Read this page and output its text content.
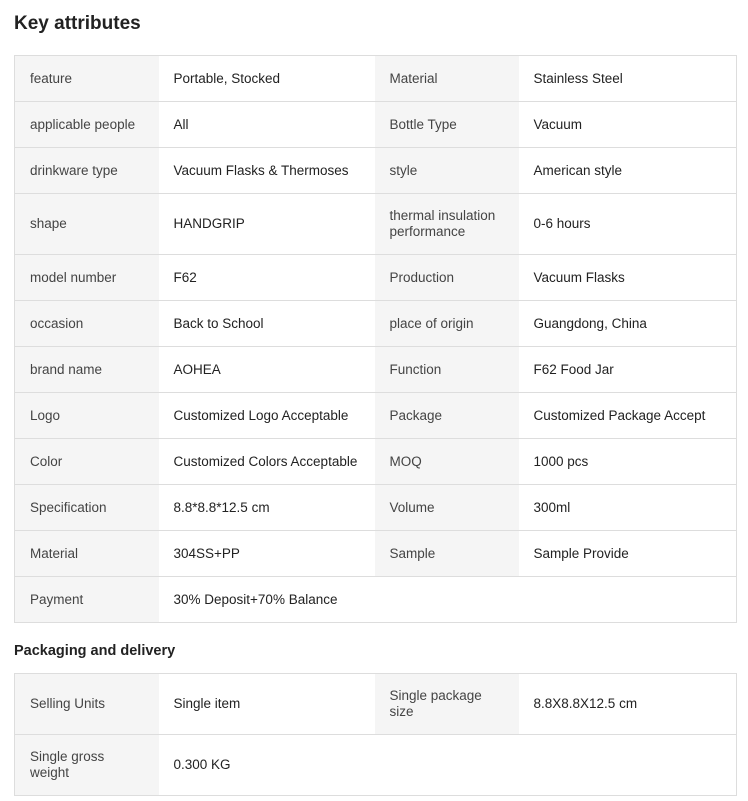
Key attributes
feature	Portable, Stocked	Material	Stainless Steel
applicable people	All	Bottle Type	Vacuum
drinkware type	Vacuum Flasks & Thermoses	style	American style
shape	HANDGRIP	thermal insulation performance	0-6 hours
model number	F62	Production	Vacuum Flasks
occasion	Back to School	place of origin	Guangdong, China
brand name	AOHEA	Function	F62 Food Jar
Logo	Customized Logo Acceptable	Package	Customized Package Accept
Color	Customized Colors Acceptable	MOQ	1000 pcs
Specification	8.8*8.8*12.5 cm	Volume	300ml
Material	304SS+PP	Sample	Sample Provide
Payment	30% Deposit+70% Balance		
Packaging and delivery
Selling Units	Single item	Single package size	8.8X8.8X12.5 cm
Single gross weight	0.300 KG		
